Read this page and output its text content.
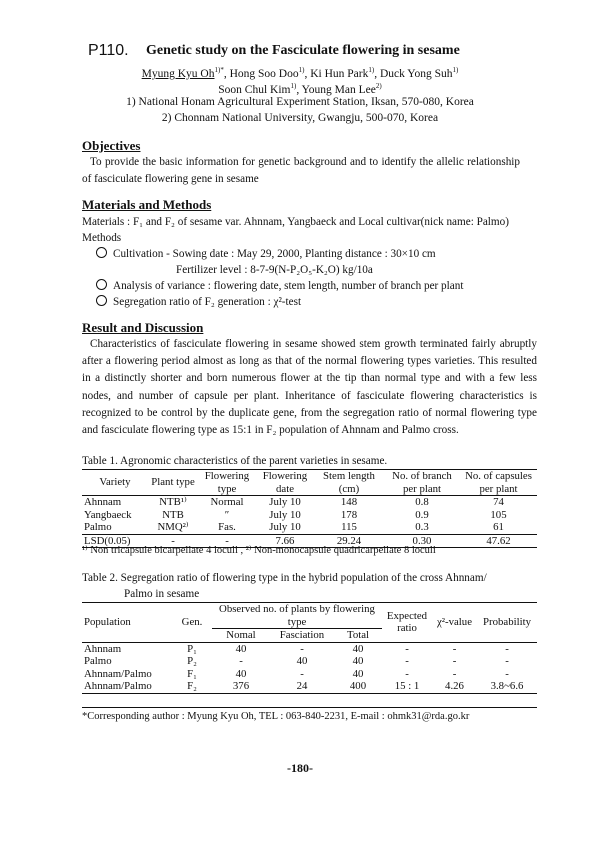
P110. Genetic study on the Fasciculate flowering in sesame
Myung Kyu $Oh^{1)*}$, Hong Soo Doo$^{1)}$, Ki Hun Park$^{1)}$, Duck Yong Suh$^{1)}$
Soon Chul Kim$^{1)}$, Young Man Lee$^{2)}$
1) National Honam Agricultural Experiment Station, Iksan, 570-080, Korea
2) Chonnam National University, Gwangju, 500-070, Korea
Objectives
To provide the basic information for genetic background and to identify the allelic relationship of fasciculate flowering gene in sesame
Materials and Methods
Materials : F₁ and F₂ of sesame var. Ahnnam, Yangbaeck and Local cultivar(nick name: Palmo)
Methods
Cultivation - Sowing date : May 29, 2000, Planting distance : 30×10 cm
Fertilizer level : 8-7-9(N-P₂O₅-K₂O) kg/10a
Analysis of variance : flowering date, stem length, number of branch per plant
Segregation ratio of F₂ generation : χ²-test
Result and Discussion
Characteristics of fasciculate flowering in sesame showed stem growth terminated fairly abruptly after a flowering period almost as long as that of the normal flowering types varieties. This resulted in a distinctly shorter and born numerous flower at the tip than normal type and with a few less nodes, and number of capsule per plant. Inheritance of fasciculate flowering characteristics is recognized to be control by the duplicate gene, from the segregation ratio of normal flowering type and fasciculate flowering type as 15:1 in F₂ population of Ahnnam and Palmo cross.
Table 1. Agronomic characteristics of the parent varieties in sesame.
Variety	Plant type	Flowering type	Flowering date	Stem length (cm)	No. of branch per plant	No. of capsules per plant
Ahnnam	NTB¹⁾	Normal	July 10	148	0.8	74
Yangbaeck	NTB	″	July 10	178	0.9	105
Palmo	NMQ²⁾	Fas.	July 10	115	0.3	61
LSD(0.05)	-	-	7.66	29.24	0.30	47.62
¹⁾ Non tricapsule bicarpellate 4 loculi , ²⁾ Non-monocapsule quadricarpellate 8 loculi
Table 2. Segregation ratio of flowering type in the hybrid population of the cross Ahnnam/
Palmo in sesame
Population	Gen.	Observed no. of plants by flowering type			Expected ratio	χ²-value	Probability
		Nomal	Fasciation	Total			
Ahnnam	P₁	40	-	40	-	-	-
Palmo	P₂	-	40	40	-	-	-
Ahnnam/Palmo	F₁	40	-	40	-	-	-
Ahnnam/Palmo	F₂	376	24	400	15 : 1	4.26	3.8~6.6
*Corresponding author : Myung Kyu Oh, TEL : 063-840-2231, E-mail : ohmk31@rda.go.kr
-180-
